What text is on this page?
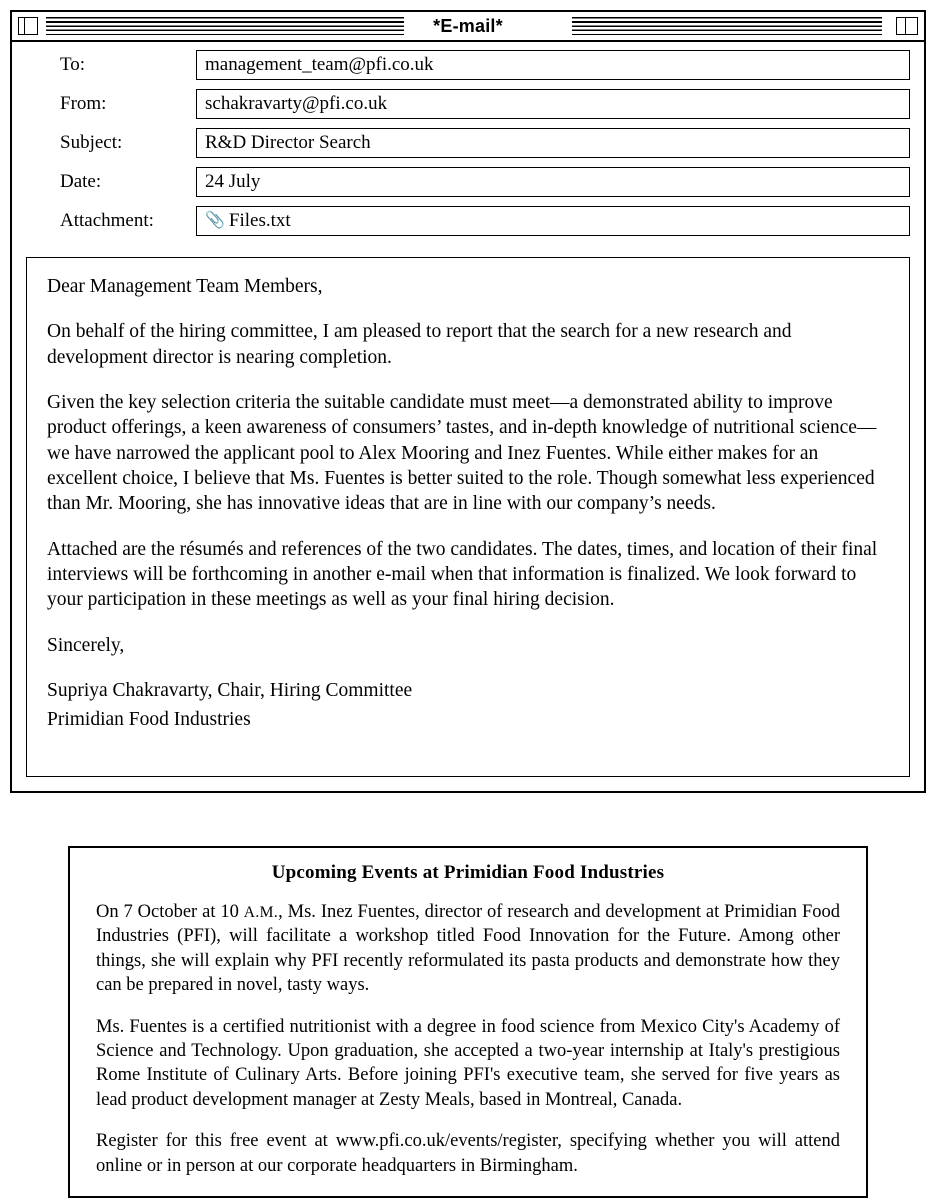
*E-mail*
To:	management_team@pfi.co.uk
From:	schakravarty@pfi.co.uk
Subject:	R&D Director Search
Date:	24 July
Attachment:	📎 Files.txt

Dear Management Team Members,

On behalf of the hiring committee, I am pleased to report that the search for a new research and development director is nearing completion.

Given the key selection criteria the suitable candidate must meet—a demonstrated ability to improve product offerings, a keen awareness of consumers’ tastes, and in-depth knowledge of nutritional science—we have narrowed the applicant pool to Alex Mooring and Inez Fuentes. While either makes for an excellent choice, I believe that Ms. Fuentes is better suited to the role. Though somewhat less experienced than Mr. Mooring, she has innovative ideas that are in line with our company’s needs.

Attached are the résumés and references of the two candidates. The dates, times, and location of their final interviews will be forthcoming in another e-mail when that information is finalized. We look forward to your participation in these meetings as well as your final hiring decision.

Sincerely,

Supriya Chakravarty, Chair, Hiring Committee

Primidian Food Industries

Upcoming Events at Primidian Food Industries

On 7 October at 10 A.M., Ms. Inez Fuentes, director of research and development at Primidian Food Industries (PFI), will facilitate a workshop titled Food Innovation for the Future. Among other things, she will explain why PFI recently reformulated its pasta products and demonstrate how they can be prepared in novel, tasty ways.

Ms. Fuentes is a certified nutritionist with a degree in food science from Mexico City's Academy of Science and Technology. Upon graduation, she accepted a two-year internship at Italy's prestigious Rome Institute of Culinary Arts. Before joining PFI's executive team, she served for five years as lead product development manager at Zesty Meals, based in Montreal, Canada.

Register for this free event at www.pfi.co.uk/events/register, specifying whether you will attend online or in person at our corporate headquarters in Birmingham.
